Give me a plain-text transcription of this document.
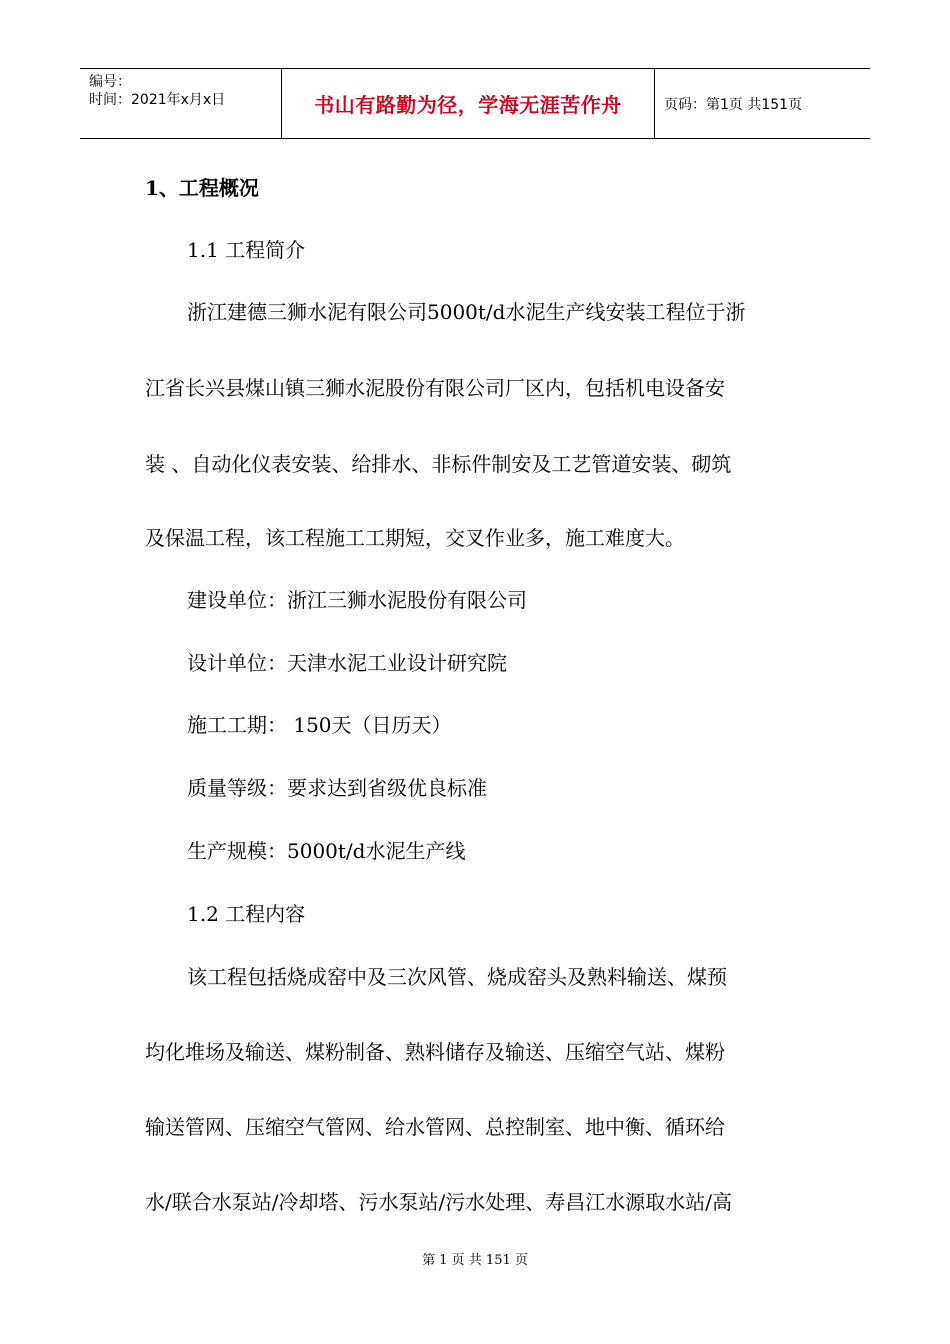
编号：
时间：2021年x月x日	书山有路勤为径，学海无涯苦作舟	页码：第1页 共151页
1、工程概况
1.1 工程简介
浙江建德三狮水泥有限公司5000t/d水泥生产线安装工程位于浙
江省长兴县煤山镇三狮水泥股份有限公司厂区内，包括机电设备安
装 、自动化仪表安装、给排水、非标件制安及工艺管道安装、砌筑
及保温工程，该工程施工工期短，交叉作业多，施工难度大。
建设单位：浙江三狮水泥股份有限公司
设计单位：天津水泥工业设计研究院
施工工期： 150天（日历天）
质量等级：要求达到省级优良标准
生产规模：5000t/d水泥生产线
1.2 工程内容
该工程包括烧成窑中及三次风管、烧成窑头及熟料输送、煤预
均化堆场及输送、煤粉制备、熟料储存及输送、压缩空气站、煤粉
输送管网、压缩空气管网、给水管网、总控制室、地中衡、循环给
水/联合水泵站/冷却塔、污水泵站/污水处理、寿昌江水源取水站/高
第 1 页 共 151 页
